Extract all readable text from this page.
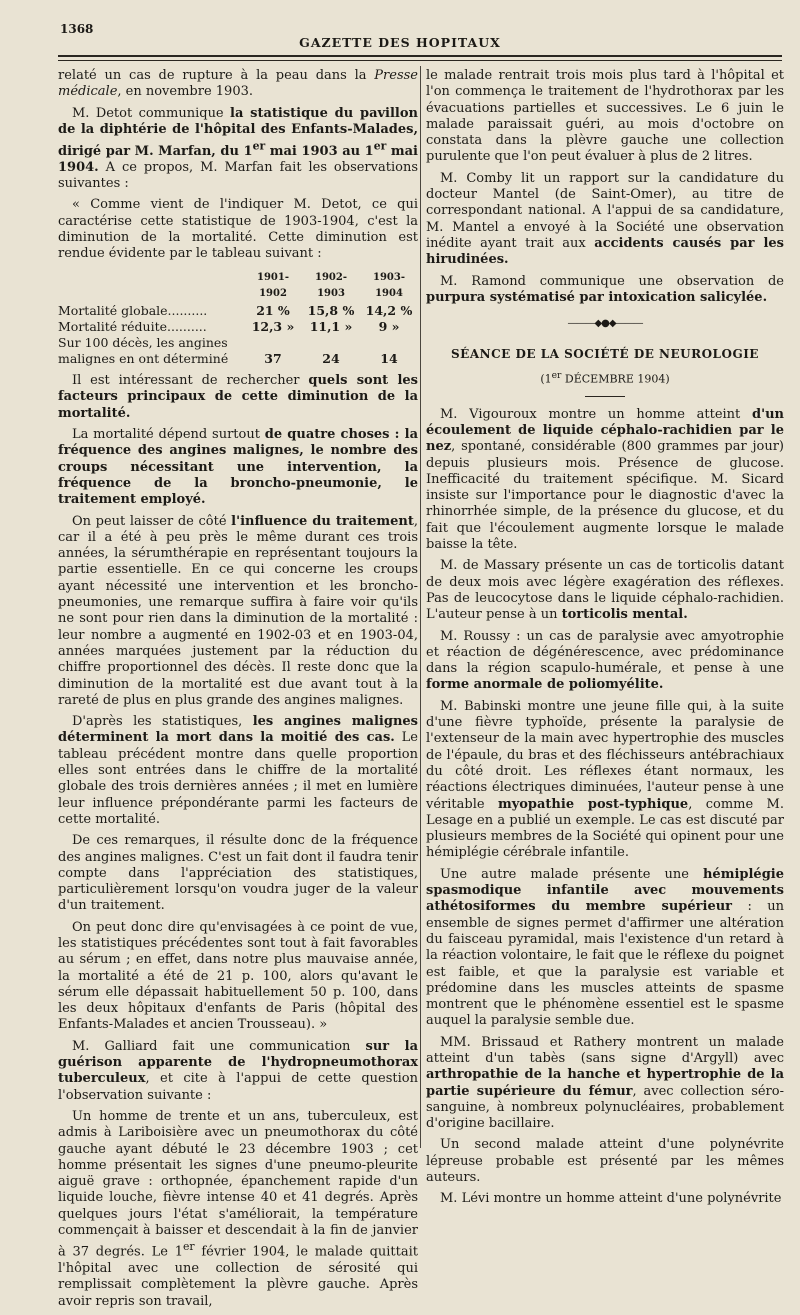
1368
GAZETTE DES HOPITAUX

relaté un cas de rupture à la peau dans la Presse médicale, en novembre 1903.

M. Detot communique la statistique du pavillon de la diphtérie de l'hôpital des Enfants-Malades, dirigé par M. Marfan, du 1er mai 1903 au 1er mai 1904. A ce propos, M. Marfan fait les observations suivantes :

« Comme vient de l'indiquer M. Detot, ce qui caractérise cette statistique de 1903-1904, c'est la diminution de la mortalité. Cette diminution est rendue évidente par le tableau suivant :

	1901-1902	1902-1903	1903-1904
Mortalité globale..........	21 %	15,8 %	14,2 %
Mortalité réduite..........	12,3 »	11,1 »	9 »
Sur 100 décès, les angines			
malignes en ont déterminé	37	24	14

Il est intéressant de rechercher quels sont les facteurs principaux de cette diminution de la mortalité.

La mortalité dépend surtout de quatre choses : la fréquence des angines malignes, le nombre des croups nécessitant une intervention, la fréquence de la broncho-pneumonie, le traitement employé.

On peut laisser de côté l'influence du traitement, car il a été à peu près le même durant ces trois années, la sérumthérapie en représentant toujours la partie essentielle. En ce qui concerne les croups ayant nécessité une intervention et les broncho-pneumonies, une remarque suffira à faire voir qu'ils ne sont pour rien dans la diminution de la mortalité : leur nombre a augmenté en 1902-03 et en 1903-04, années marquées justement par la réduction du chiffre proportionnel des décès. Il reste donc que la diminution de la mortalité est due avant tout à la rareté de plus en plus grande des angines malignes.

D'après les statistiques, les angines malignes déterminent la mort dans la moitié des cas. Le tableau précédent montre dans quelle proportion elles sont entrées dans le chiffre de la mortalité globale des trois dernières années ; il met en lumière leur influence prépondérante parmi les facteurs de cette mortalité.

De ces remarques, il résulte donc de la fréquence des angines malignes. C'est un fait dont il faudra tenir compte dans l'appréciation des statistiques, particulièrement lorsqu'on voudra juger de la valeur d'un traitement.

On peut donc dire qu'envisagées à ce point de vue, les statistiques précédentes sont tout à fait favorables au sérum ; en effet, dans notre plus mauvaise année, la mortalité a été de 21 p. 100, alors qu'avant le sérum elle dépassait habituellement 50 p. 100, dans les deux hôpitaux d'enfants de Paris (hôpital des Enfants-Malades et ancien Trousseau). »

M. Galliard fait une communication sur la guérison apparente de l'hydropneumothorax tuberculeux, et cite à l'appui de cette question l'observation suivante :

Un homme de trente et un ans, tuberculeux, est admis à Lariboisière avec un pneumothorax du côté gauche ayant débuté le 23 décembre 1903 ; cet homme présentait les signes d'une pneumo-pleurite aiguë grave : orthopnée, épanchement rapide d'un liquide louche, fièvre intense 40 et 41 degrés. Après quelques jours l'état s'améliorait, la température commençait à baisser et descendait à la fin de janvier à 37 degrés. Le 1er février 1904, le malade quittait l'hôpital avec une collection de sérosité qui remplissait complètement la plèvre gauche. Après avoir repris son travail,

le malade rentrait trois mois plus tard à l'hôpital et l'on commença le traitement de l'hydrothorax par les évacuations partielles et successives. Le 6 juin le malade paraissait guéri, au mois d'octobre on constata dans la plèvre gauche une collection purulente que l'on peut évaluer à plus de 2 litres.

M. Comby lit un rapport sur la candidature du docteur Mantel (de Saint-Omer), au titre de correspondant national. A l'appui de sa candidature, M. Mantel a envoyé à la Société une observation inédite ayant trait aux accidents causés par les hirudinées.

M. Ramond communique une observation de purpura systématisé par intoxication salicylée.

———◆●◆———
SÉANCE DE LA SOCIÉTÉ DE NEUROLOGIE
(1er DÉCEMBRE 1904)

M. Vigouroux montre un homme atteint d'un écoulement de liquide céphalo-rachidien par le nez, spontané, considérable (800 grammes par jour) depuis plusieurs mois. Présence de glucose. Inefficacité du traitement spécifique. M. Sicard insiste sur l'importance pour le diagnostic d'avec la rhinorrhée simple, de la présence du glucose, et du fait que l'écoulement augmente lorsque le malade baisse la tête.

M. de Massary présente un cas de torticolis datant de deux mois avec légère exagération des réflexes. Pas de leucocytose dans le liquide céphalo-rachidien. L'auteur pense à un torticolis mental.

M. Roussy : un cas de paralysie avec amyotrophie et réaction de dégénérescence, avec prédominance dans la région scapulo-humérale, et pense à une forme anormale de poliomyélite.

M. Babinski montre une jeune fille qui, à la suite d'une fièvre typhoïde, présente la paralysie de l'extenseur de la main avec hypertrophie des muscles de l'épaule, du bras et des fléchisseurs antébrachiaux du côté droit. Les réflexes étant normaux, les réactions électriques diminuées, l'auteur pense à une véritable myopathie post-typhique, comme M. Lesage en a publié un exemple. Le cas est discuté par plusieurs membres de la Société qui opinent pour une hémiplégie cérébrale infantile.

Une autre malade présente une hémiplégie spasmodique infantile avec mouvements athétosiformes du membre supérieur : un ensemble de signes permet d'affirmer une altération du faisceau pyramidal, mais l'existence d'un retard à la réaction volontaire, le fait que le réflexe du poignet est faible, et que la paralysie est variable et prédomine dans les muscles atteints de spasme montrent que le phénomène essentiel est le spasme auquel la paralysie semble due.

MM. Brissaud et Rathery montrent un malade atteint d'un tabès (sans signe d'Argyll) avec arthropathie de la hanche et hypertrophie de la partie supérieure du fémur, avec collection séro-sanguine, à nombreux polynucléaires, probablement d'origine bacillaire.

Un second malade atteint d'une polynévrite lépreuse probable est présenté par les mêmes auteurs.

M. Lévi montre un homme atteint d'une polynévrite
